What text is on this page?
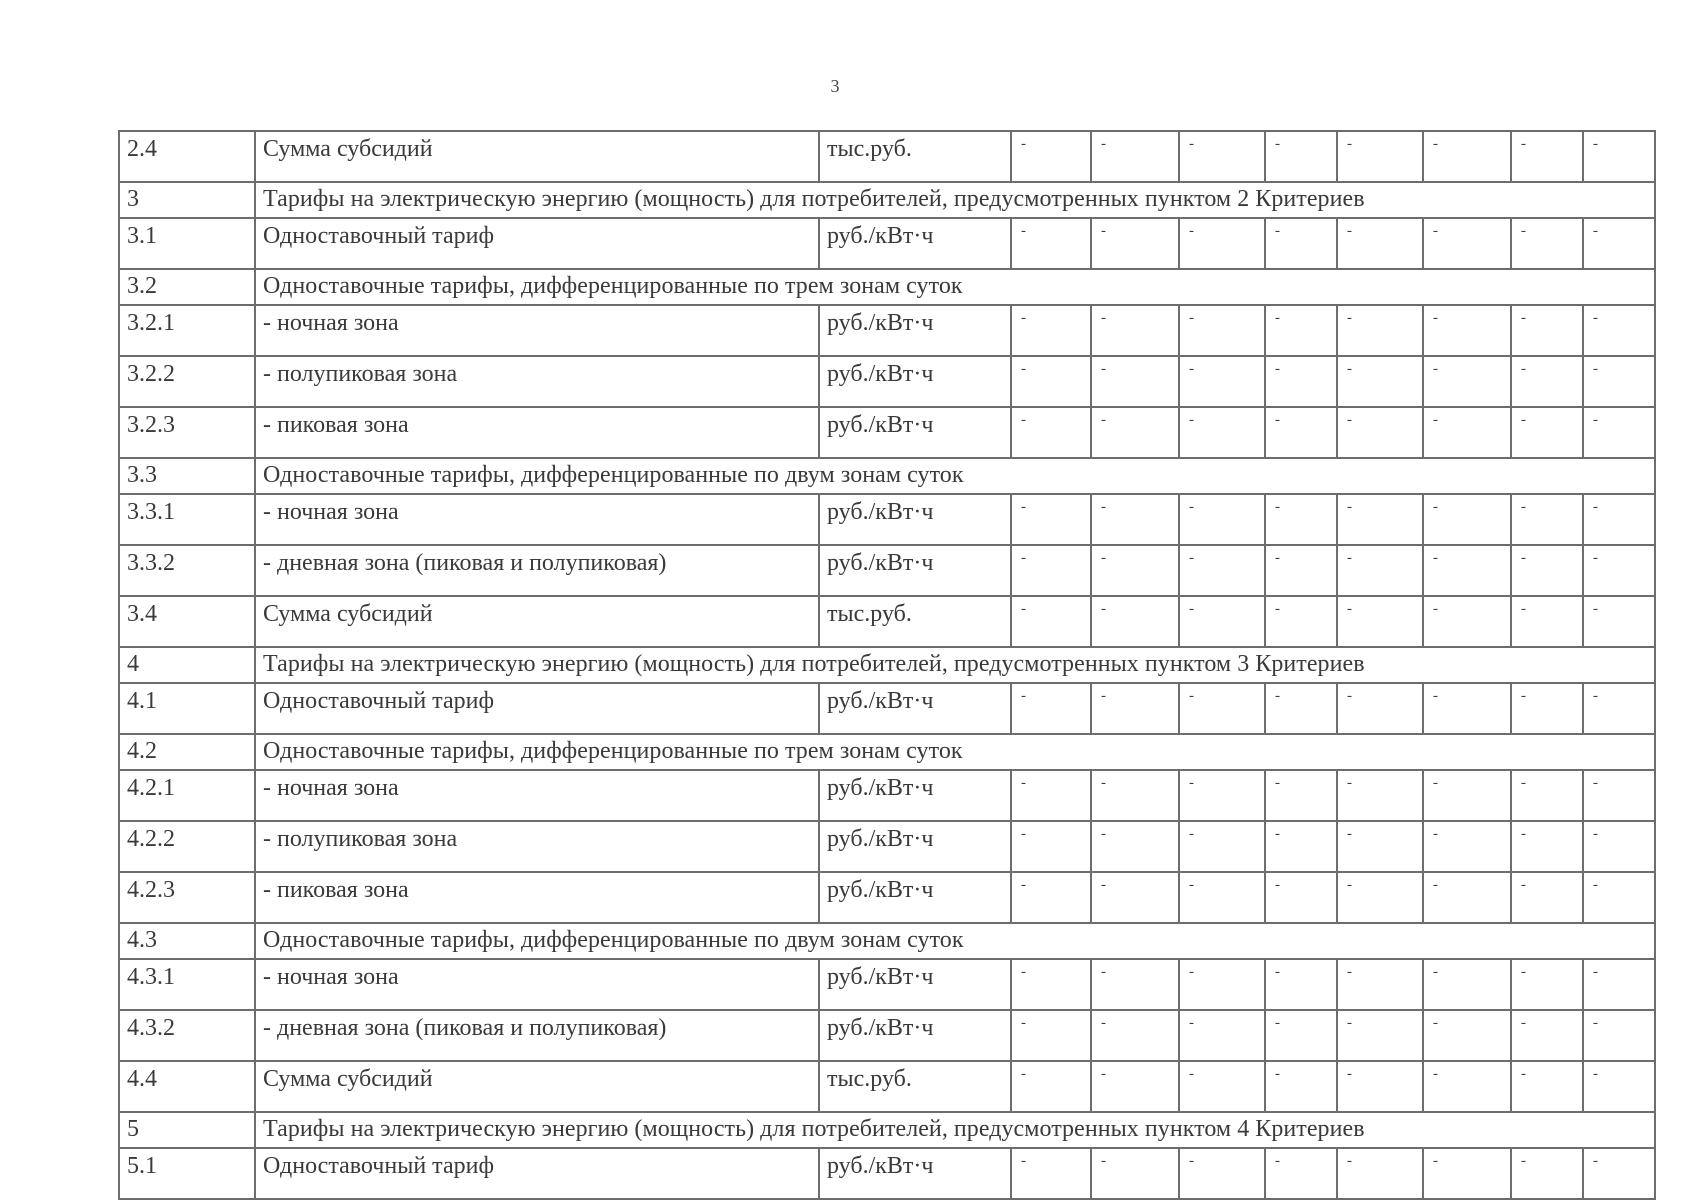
3
2.4	Сумма субсидий	тыс.руб.	-	-	-	-	-	-	-	-
3	Тарифы на электрическую энергию (мощность) для потребителей, предусмотренных пунктом 2 Критериев									
3.1	Одноставочный тариф	руб./кВт·ч	-	-	-	-	-	-	-	-
3.2	Одноставочные тарифы, дифференцированные по трем зонам суток									
3.2.1	- ночная зона	руб./кВт·ч	-	-	-	-	-	-	-	-
3.2.2	- полупиковая зона	руб./кВт·ч	-	-	-	-	-	-	-	-
3.2.3	- пиковая зона	руб./кВт·ч	-	-	-	-	-	-	-	-
3.3	Одноставочные тарифы, дифференцированные по двум зонам суток									
3.3.1	- ночная зона	руб./кВт·ч	-	-	-	-	-	-	-	-
3.3.2	- дневная зона (пиковая и полупиковая)	руб./кВт·ч	-	-	-	-	-	-	-	-
3.4	Сумма субсидий	тыс.руб.	-	-	-	-	-	-	-	-
4	Тарифы на электрическую энергию (мощность) для потребителей, предусмотренных пунктом 3 Критериев									
4.1	Одноставочный тариф	руб./кВт·ч	-	-	-	-	-	-	-	-
4.2	Одноставочные тарифы, дифференцированные по трем зонам суток									
4.2.1	- ночная зона	руб./кВт·ч	-	-	-	-	-	-	-	-
4.2.2	- полупиковая зона	руб./кВт·ч	-	-	-	-	-	-	-	-
4.2.3	- пиковая зона	руб./кВт·ч	-	-	-	-	-	-	-	-
4.3	Одноставочные тарифы, дифференцированные по двум зонам суток									
4.3.1	- ночная зона	руб./кВт·ч	-	-	-	-	-	-	-	-
4.3.2	- дневная зона (пиковая и полупиковая)	руб./кВт·ч	-	-	-	-	-	-	-	-
4.4	Сумма субсидий	тыс.руб.	-	-	-	-	-	-	-	-
5	Тарифы на электрическую энергию (мощность) для потребителей, предусмотренных пунктом 4 Критериев									
5.1	Одноставочный тариф	руб./кВт·ч	-	-	-	-	-	-	-	-
